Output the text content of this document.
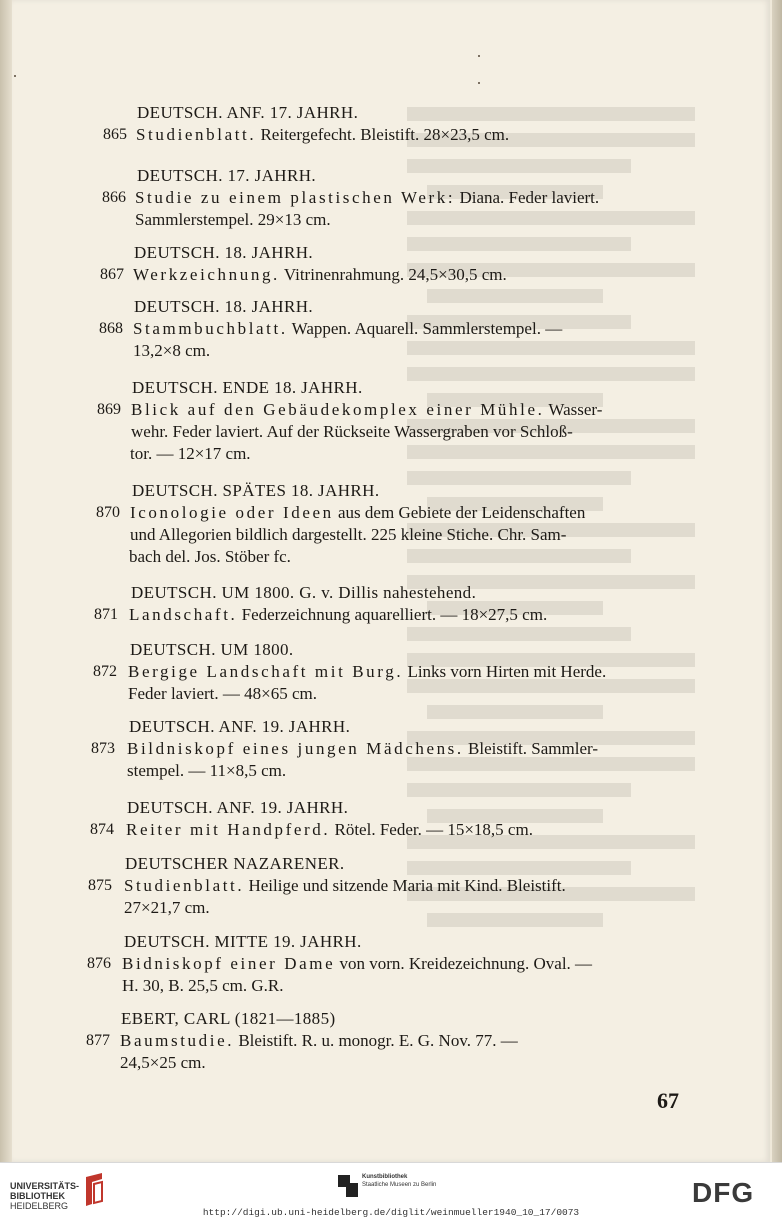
DEUTSCH. ANF. 17. JAHRH.
865 Studienblatt. Reitergefecht. Bleistift. 28×23,5 cm.
DEUTSCH. 17. JAHRH.
866 Studie zu einem plastischen Werk: Diana. Feder laviert.
Sammlerstempel. 29×13 cm.
DEUTSCH. 18. JAHRH.
867 Werkzeichnung. Vitrinenrahmung. 24,5×30,5 cm.
DEUTSCH. 18. JAHRH.
868 Stammbuchblatt. Wappen. Aquarell. Sammlerstempel. —
13,2×8 cm.
DEUTSCH. ENDE 18. JAHRH.
869 Blick auf den Gebäudekomplex einer Mühle. Wasser-
wehr. Feder laviert. Auf der Rückseite Wassergraben vor Schloß-
tor. — 12×17 cm.
DEUTSCH. SPÄTES 18. JAHRH.
870 Iconologie oder Ideen aus dem Gebiete der Leidenschaften
und Allegorien bildlich dargestellt. 225 kleine Stiche. Chr. Sam-
bach del. Jos. Stöber fc.
DEUTSCH. UM 1800. G. v. Dillis nahestehend.
871 Landschaft. Federzeichnung aquarelliert. — 18×27,5 cm.
DEUTSCH. UM 1800.
872 Bergige Landschaft mit Burg. Links vorn Hirten mit Herde.
Feder laviert. — 48×65 cm.
DEUTSCH. ANF. 19. JAHRH.
873 Bildniskopf eines jungen Mädchens. Bleistift. Sammler-
stempel. — 11×8,5 cm.
DEUTSCH. ANF. 19. JAHRH.
874 Reiter mit Handpferd. Rötel. Feder. — 15×18,5 cm.
DEUTSCHER NAZARENER.
875 Studienblatt. Heilige und sitzende Maria mit Kind. Bleistift.
27×21,7 cm.
DEUTSCH. MITTE 19. JAHRH.
876 Bidniskopf einer Dame von vorn. Kreidezeichnung. Oval. —
H. 30, B. 25,5 cm. G.R.
EBERT, CARL (1821—1885)
877 Baumstudie. Bleistift. R. u. monogr. E. G. Nov. 77. —
24,5×25 cm.
67
UNIVERSITÄTS-
BIBLIOTHEK
HEIDELBERG
Kunstbibliothek
Staatliche Museen zu Berlin	DFG
http://digi.ub.uni-heidelberg.de/diglit/weinmueller1940_10_17/0073
